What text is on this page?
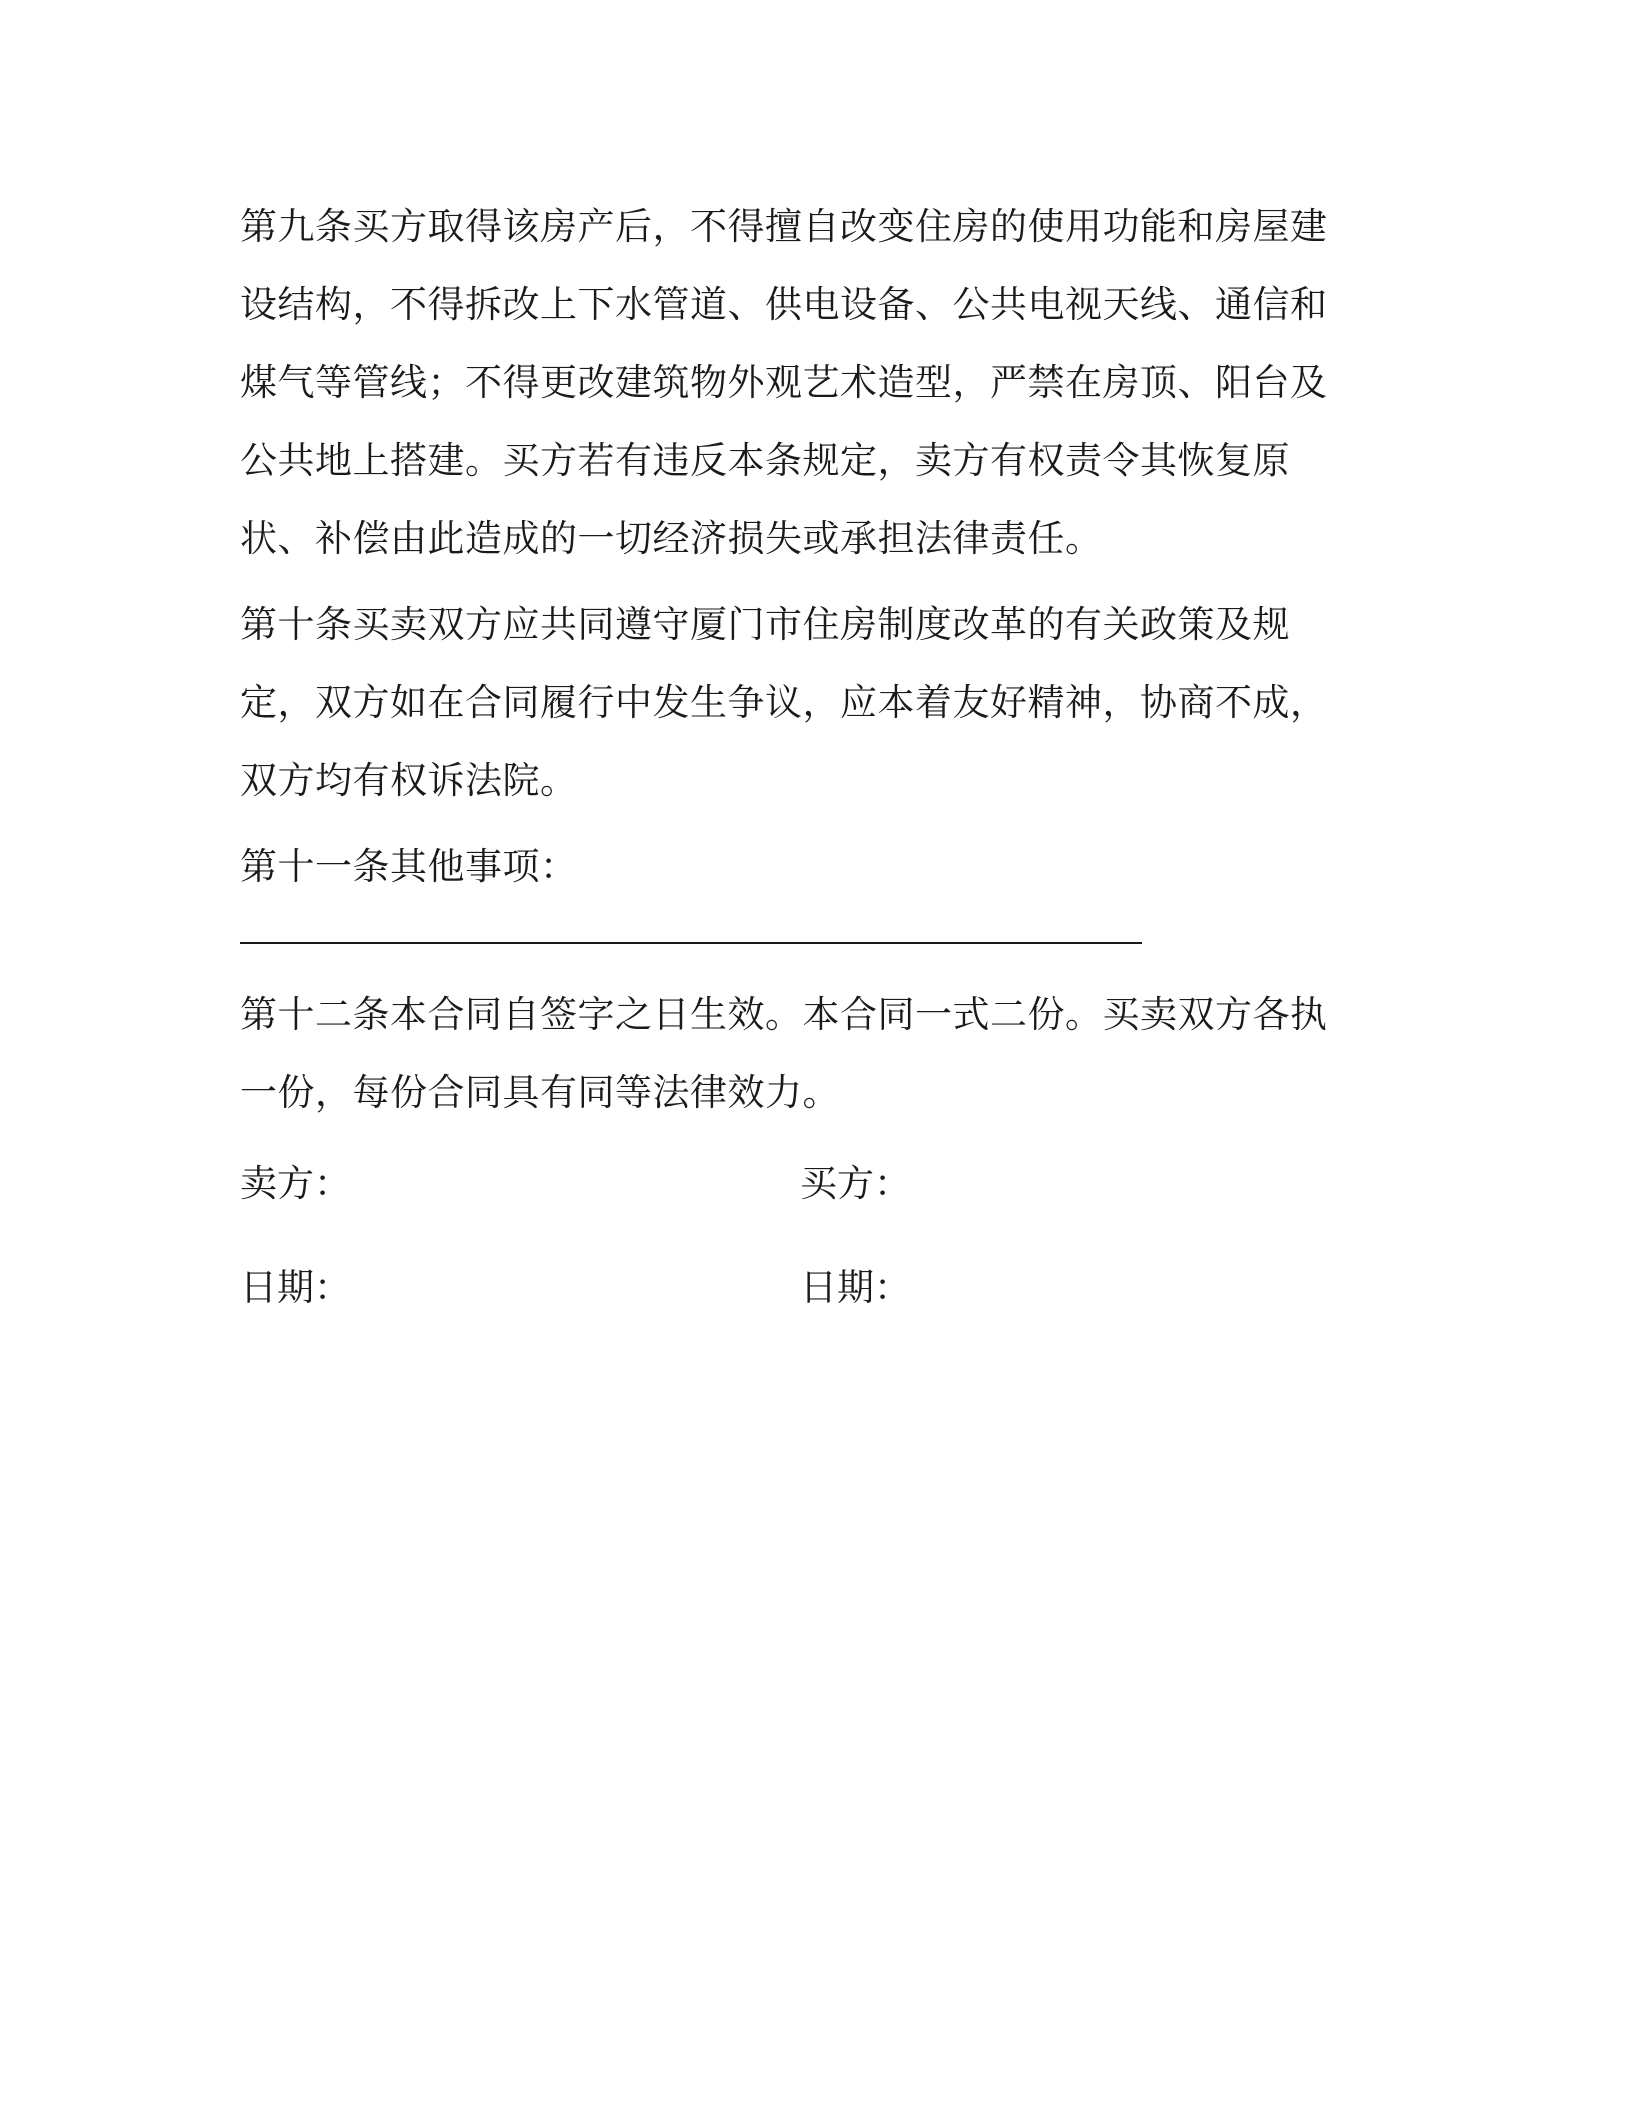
第九条买方取得该房产后，不得擅自改变住房的使用功能和房屋建设结构，不得拆改上下水管道、供电设备、公共电视天线、通信和煤气等管线；不得更改建筑物外观艺术造型，严禁在房顶、阳台及公共地上搭建。买方若有违反本条规定，卖方有权责令其恢复原状、补偿由此造成的一切经济损失或承担法律责任。

第十条买卖双方应共同遵守厦门市住房制度改革的有关政策及规定，双方如在合同履行中发生争议，应本着友好精神，协商不成，双方均有权诉法院。

第十一条其他事项：

第十二条本合同自签字之日生效。本合同一式二份。买卖双方各执一份，每份合同具有同等法律效力。

卖方：	买方：
日期：	日期：
